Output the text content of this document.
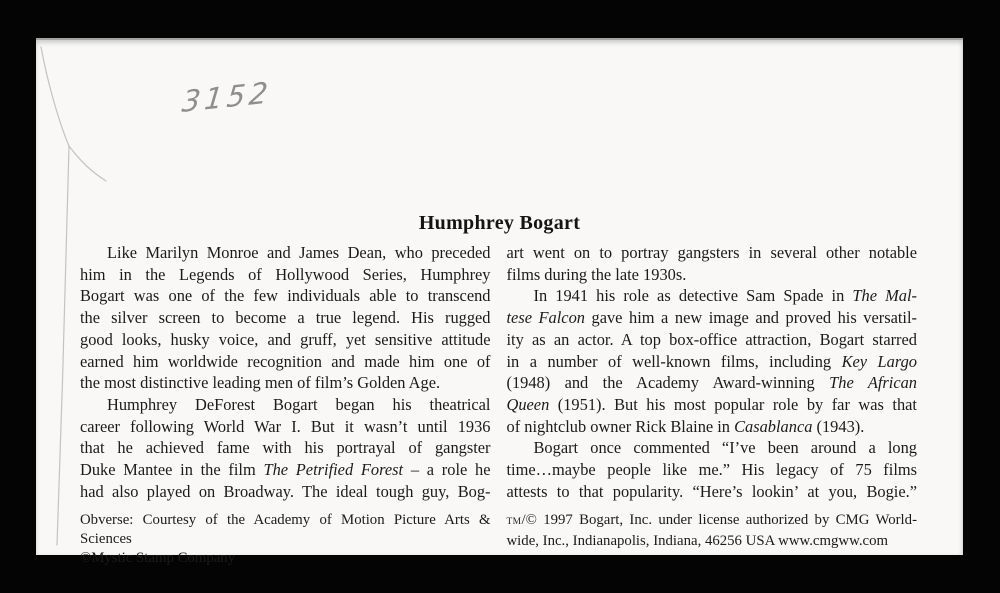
3152
Humphrey Bogart
Like Marilyn Monroe and James Dean, who preceded
him in the Legends of Hollywood Series, Humphrey
Bogart was one of the few individuals able to transcend
the silver screen to become a true legend. His rugged
good looks, husky voice, and gruff, yet sensitive attitude
earned him worldwide recognition and made him one of
the most distinctive leading men of film’s Golden Age.
Humphrey DeForest Bogart began his theatrical
career following World War I. But it wasn’t until 1936
that he achieved fame with his portrayal of gangster
Duke Mantee in the film The Petrified Forest – a role he
had also played on Broadway. The ideal tough guy, Bog-
Obverse: Courtesy of the Academy of Motion Picture Arts & Sciences
©Mystic Stamp Company
art went on to portray gangsters in several other notable
films during the late 1930s.
In 1941 his role as detective Sam Spade in The Mal-
tese Falcon gave him a new image and proved his versatil-
ity as an actor. A top box-office attraction, Bogart starred
in a number of well-known films, including Key Largo
(1948) and the Academy Award-winning The African
Queen (1951). But his most popular role by far was that
of nightclub owner Rick Blaine in Casablanca (1943).
Bogart once commented “I’ve been around a long
time…maybe people like me.” His legacy of 75 films
attests to that popularity. “Here’s lookin’ at you, Bogie.”
TM/© 1997 Bogart, Inc. under license authorized by CMG World-
wide, Inc., Indianapolis, Indiana, 46256 USA www.cmgww.com
